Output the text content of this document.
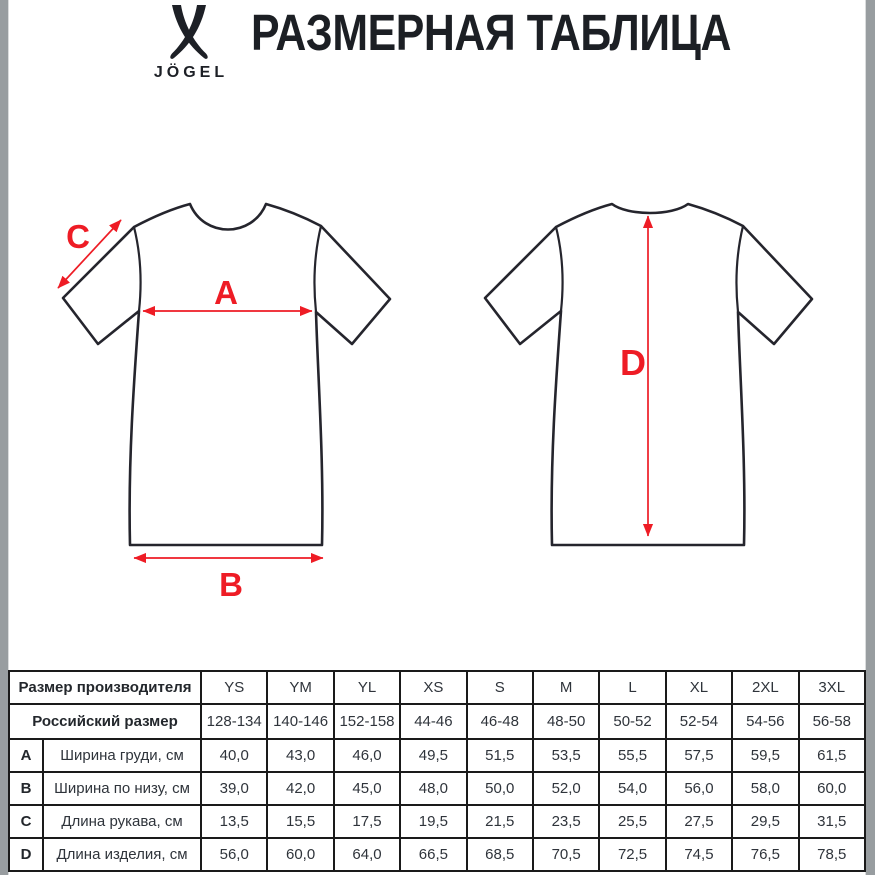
JÖGEL
РАЗМЕРНАЯ ТАБЛИЦА
A
B
C
D
Размер производителя		YS	YM	YL	XS	S	M	L	XL	2XL	3XL
Российский размер		128-134	140-146	152-158	44-46	46-48	48-50	50-52	52-54	54-56	56-58
A	Ширина груди, см	40,0	43,0	46,0	49,5	51,5	53,5	55,5	57,5	59,5	61,5
B	Ширина по низу, см	39,0	42,0	45,0	48,0	50,0	52,0	54,0	56,0	58,0	60,0
C	Длина рукава, см	13,5	15,5	17,5	19,5	21,5	23,5	25,5	27,5	29,5	31,5
D	Длина изделия, см	56,0	60,0	64,0	66,5	68,5	70,5	72,5	74,5	76,5	78,5
